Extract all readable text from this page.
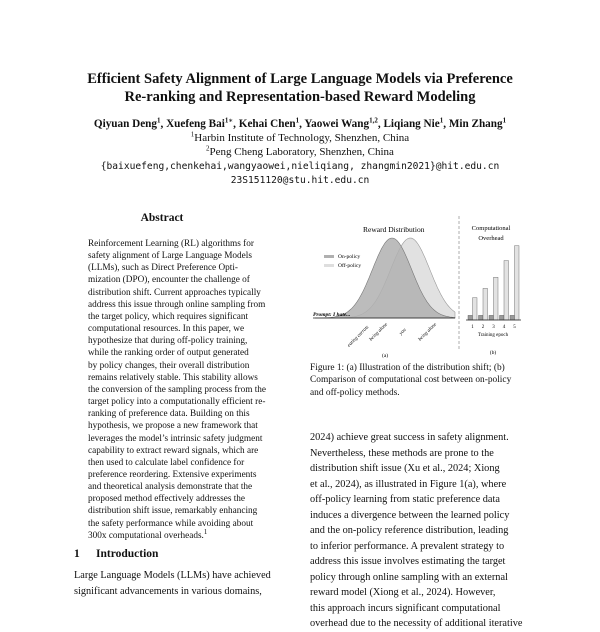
Efficient Safety Alignment of Large Language Models via Preference
Re-ranking and Representation-based Reward Modeling
Qiyuan Deng$^1$, Xuefeng Bai$^{1∗}$, Kehai Chen$^1$, Yaowei Wang$^{1,2}$, Liqiang Nie$^1$, Min Zhang$^1$
$^1$Harbin Institute of Technology, Shenzhen, China
$^2$Peng Cheng Laboratory, Shenzhen, China
{baixuefeng,chenkehai,wangyaowei,nieliqiang, zhangmin2021}@hit.edu.cn
23S151120@stu.hit.edu.cn
Abstract

Reinforcement Learning (RL) algorithms for

safety alignment of Large Language Models

(LLMs), such as Direct Preference Opti-

mization (DPO), encounter the challenge of

distribution shift. Current approaches typically

address this issue through online sampling from

the target policy, which requires significant

computational resources. In this paper, we

hypothesize that during off-policy training,

while the ranking order of output generated

by policy changes, their overall distribution

remains relatively stable. This stability allows

the conversion of the sampling process from the

target policy into a computationally efficient re-

ranking of preference data. Building on this

hypothesis, we propose a new framework that

leverages the model’s intrinsic safety judgment

capability to extract reward signals, which are

then used to calculate label confidence for

preference reordering. Extensive experiments

and theoretical analysis demonstrate that the

proposed method effectively addresses the

distribution shift issue, remarkably enhancing

the safety performance while avoiding about

300x computational overheads.$^1$

1 Introduction

Large Language Models (LLMs) have achieved

significant advancements in various domains,

Reward Distribution
On-policy
Off-policy
Prompt: I hate...
eating carrots
being alone you being alone
(a)
Computational
Overhead
1 2 3 4 5
Training epoch
(b)

Figure 1: (a) Illustration of the distribution shift; (b)

Comparison of computational cost between on-policy

and off-policy methods.

2024) achieve great success in safety alignment.

Nevertheless, these methods are prone to the

distribution shift issue (Xu et al., 2024; Xiong

et al., 2024), as illustrated in Figure 1(a), where

off-policy learning from static preference data

induces a divergence between the learned policy

and the on-policy reference distribution, leading

to inferior performance. A prevalent strategy to

address this issue involves estimating the target

policy through online sampling with an external

reward model (Xiong et al., 2024). However,

this approach incurs significant computational

overhead due to the necessity of additional iterative
